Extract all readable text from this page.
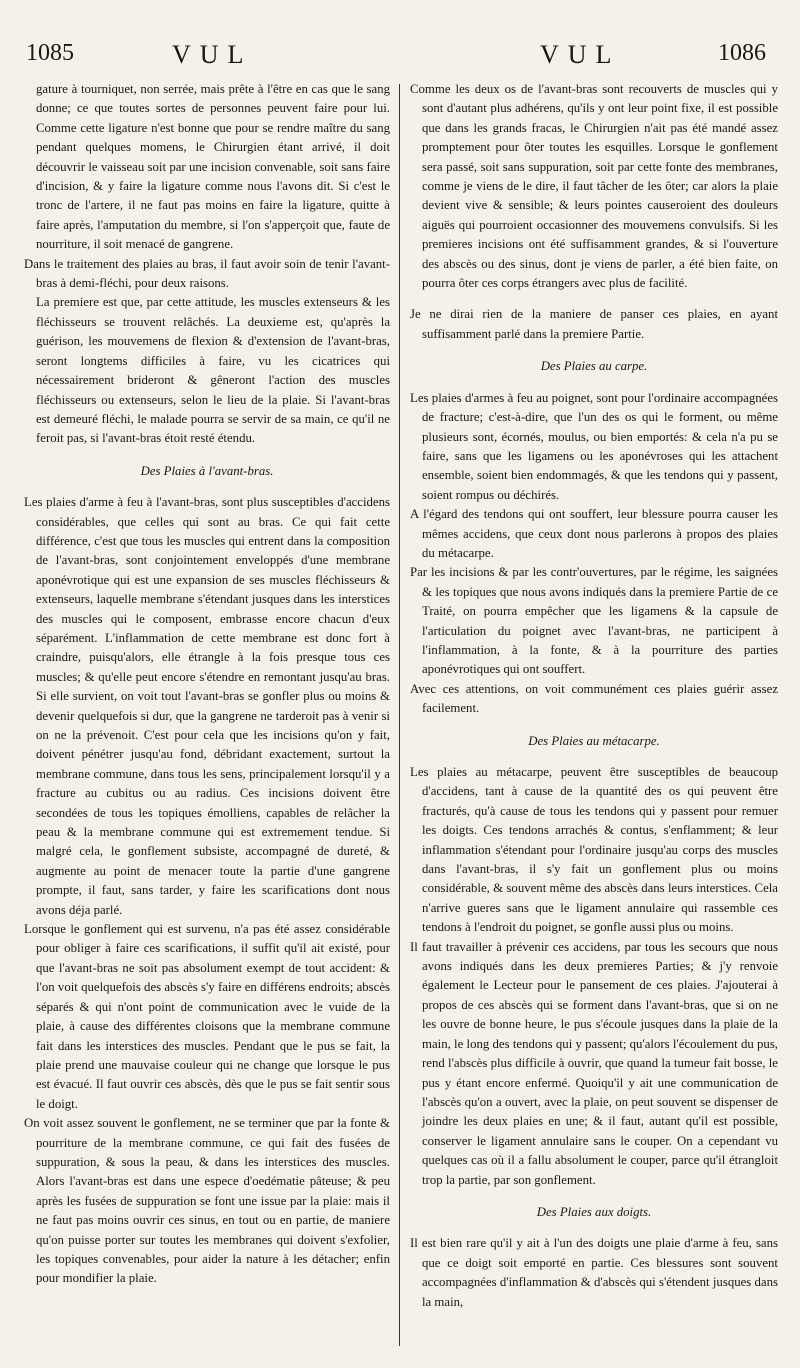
1085	VUL	VUL	1086

gature à tourniquet, non serrée, mais prête à l'être en cas que le sang donne; ce que toutes sortes de personnes peuvent faire pour lui. Comme cette ligature n'est bonne que pour se rendre maître du sang pendant quelques momens, le Chirurgien étant arrivé, il doit découvrir le vaisseau soit par une incision convenable, soit sans faire d'incision, & y faire la ligature comme nous l'avons dit. Si c'est le tronc de l'artere, il ne faut pas moins en faire la ligature, quitte à faire après, l'amputation du membre, si l'on s'apperçoit que, faute de nourriture, il soit menacé de gangrene.

Dans le traitement des plaies au bras, il faut avoir soin de tenir l'avant-bras à demi-fléchi, pour deux raisons.

La premiere est que, par cette attitude, les muscles extenseurs & les fléchisseurs se trouvent relâchés. La deuxieme est, qu'après la guérison, les mouvemens de flexion & d'extension de l'avant-bras, seront longtems difficiles à faire, vu les cicatrices qui nécessairement brideront & gêneront l'action des muscles fléchisseurs ou extenseurs, selon le lieu de la plaie. Si l'avant-bras est demeuré fléchi, le malade pourra se servir de sa main, ce qu'il ne feroit pas, si l'avant-bras étoit resté étendu.

Des Plaies à l'avant-bras.

Les plaies d'arme à feu à l'avant-bras, sont plus susceptibles d'accidens considérables, que celles qui sont au bras. Ce qui fait cette différence, c'est que tous les muscles qui entrent dans la composition de l'avant-bras, sont conjointement enveloppés d'une membrane aponévrotique qui est une expansion de ses muscles fléchisseurs & extenseurs, laquelle membrane s'étendant jusques dans les interstices des muscles qui le composent, embrasse encore chacun d'eux séparément. L'inflammation de cette membrane est donc fort à craindre, puisqu'alors, elle étrangle à la fois presque tous ces muscles; & qu'elle peut encore s'étendre en remontant jusqu'au bras. Si elle survient, on voit tout l'avant-bras se gonfler plus ou moins & devenir quelquefois si dur, que la gangrene ne tarderoit pas à venir si on ne la prévenoit. C'est pour cela que les incisions qu'on y fait, doivent pénétrer jusqu'au fond, débridant exactement, surtout la membrane commune, dans tous les sens, principalement lorsqu'il y a fracture au cubitus ou au radius. Ces incisions doivent être secondées de tous les topiques émolliens, capables de relâcher la peau & la membrane commune qui est extremement tendue. Si malgré cela, le gonflement subsiste, accompagné de dureté, & augmente au point de menacer toute la partie d'une gangrene prompte, il faut, sans tarder, y faire les scarifications dont nous avons déja parlé.

Lorsque le gonflement qui est survenu, n'a pas été assez considérable pour obliger à faire ces scarifications, il suffit qu'il ait existé, pour que l'avant-bras ne soit pas absolument exempt de tout accident: & l'on voit quelquefois des abscès s'y faire en différens endroits; abscès séparés & qui n'ont point de communication avec le vuide de la plaie, à cause des différentes cloisons que la membrane commune fait dans les interstices des muscles. Pendant que le pus se fait, la plaie prend une mauvaise couleur qui ne change que lorsque le pus est évacué. Il faut ouvrir ces abscès, dès que le pus se fait sentir sous le doigt.

On voit assez souvent le gonflement, ne se terminer que par la fonte & pourriture de la membrane commune, ce qui fait des fusées de suppuration, & sous la peau, & dans les interstices des muscles. Alors l'avant-bras est dans une espece d'oedématie pâteuse; & peu après les fusées de suppuration se font une issue par la plaie: mais il ne faut pas moins ouvrir ces sinus, en tout ou en partie, de maniere qu'on puisse porter sur toutes les membranes qui doivent s'exfolier, les topiques convenables, pour aider la nature à les détacher; enfin pour mondifier la plaie.

Comme les deux os de l'avant-bras sont recouverts de muscles qui y sont d'autant plus adhérens, qu'ils y ont leur point fixe, il est possible que dans les grands fracas, le Chirurgien n'ait pas été mandé assez promptement pour ôter toutes les esquilles. Lorsque le gonflement sera passé, soit sans suppuration, soit par cette fonte des membranes, comme je viens de le dire, il faut tâcher de les ôter; car alors la plaie devient vive & sensible; & leurs pointes causeroient des douleurs aiguës qui pourroient occasionner des mouvemens convulsifs. Si les premieres incisions ont été suffisamment grandes, & si l'ouverture des abscès ou des sinus, dont je viens de parler, a été bien faite, on pourra ôter ces corps étrangers avec plus de facilité.

Je ne dirai rien de la maniere de panser ces plaies, en ayant suffisamment parlé dans la premiere Partie.

Des Plaies au carpe.

Les plaies d'armes à feu au poignet, sont pour l'ordinaire accompagnées de fracture; c'est-à-dire, que l'un des os qui le forment, ou même plusieurs sont, écornés, moulus, ou bien emportés: & cela n'a pu se faire, sans que les ligamens ou les aponévroses qui les attachent ensemble, soient bien endommagés, & que les tendons qui y passent, soient rompus ou déchirés.

A l'égard des tendons qui ont souffert, leur blessure pourra causer les mêmes accidens, que ceux dont nous parlerons à propos des plaies du métacarpe.

Par les incisions & par les contr'ouvertures, par le régime, les saignées & les topiques que nous avons indiqués dans la premiere Partie de ce Traité, on pourra empêcher que les ligamens & la capsule de l'articulation du poignet avec l'avant-bras, ne participent à l'inflammation, à la fonte, & à la pourriture des parties aponévrotiques qui ont souffert.

Avec ces attentions, on voit communément ces plaies guérir assez facilement.

Des Plaies au métacarpe.

Les plaies au métacarpe, peuvent être susceptibles de beaucoup d'accidens, tant à cause de la quantité des os qui peuvent être fracturés, qu'à cause de tous les tendons qui y passent pour remuer les doigts. Ces tendons arrachés & contus, s'enflamment; & leur inflammation s'étendant pour l'ordinaire jusqu'au corps des muscles dans l'avant-bras, il s'y fait un gonflement plus ou moins considérable, & souvent même des abscès dans leurs interstices. Cela n'arrive gueres sans que le ligament annulaire qui rassemble ces tendons à l'endroit du poignet, se gonfle aussi plus ou moins.

Il faut travailler à prévenir ces accidens, par tous les secours que nous avons indiqués dans les deux premieres Parties; & j'y renvoie également le Lecteur pour le pansement de ces plaies. J'ajouterai à propos de ces abscès qui se forment dans l'avant-bras, que si on ne les ouvre de bonne heure, le pus s'écoule jusques dans la plaie de la main, le long des tendons qui y passent; qu'alors l'écoulement du pus, rend l'abscès plus difficile à ouvrir, que quand la tumeur fait bosse, le pus y étant encore enfermé. Quoiqu'il y ait une communication de l'abscès qu'on a ouvert, avec la plaie, on peut souvent se dispenser de joindre les deux plaies en une; & il faut, autant qu'il est possible, conserver le ligament annulaire sans le couper. On a cependant vu quelques cas où il a fallu absolument le couper, parce qu'il étrangloit trop la partie, par son gonflement.

Des Plaies aux doigts.

Il est bien rare qu'il y ait à l'un des doigts une plaie d'arme à feu, sans que ce doigt soit emporté en partie. Ces blessures sont souvent accompagnées d'inflammation & d'abscès qui s'étendent jusques dans la main,
